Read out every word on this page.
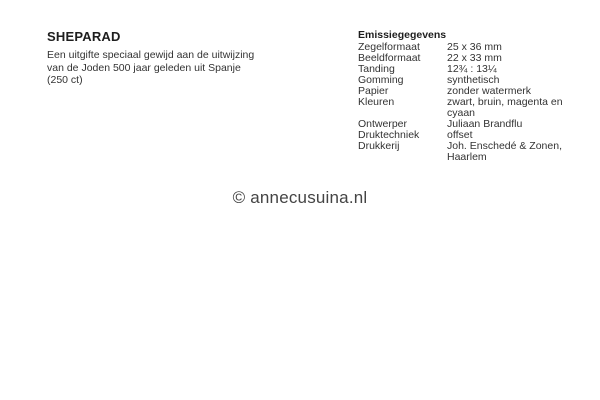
SHEPARAD
Een uitgifte speciaal gewijd aan de uitwijzing van de Joden 500 jaar geleden uit Spanje (250 ct)
Emissiegegevens
Zegelformaat	25 x 36 mm
Beeldformaat	22 x 33 mm
Tanding	12¾ : 13¼
Gomming	synthetisch
Papier	zonder watermerk
Kleuren	zwart, bruin, magenta en cyaan
Ontwerper	Juliaan Brandflu
Druktechniek	offset
Drukkerij	Joh. Enschedé & Zonen, Haarlem
© annecusuina.nl
